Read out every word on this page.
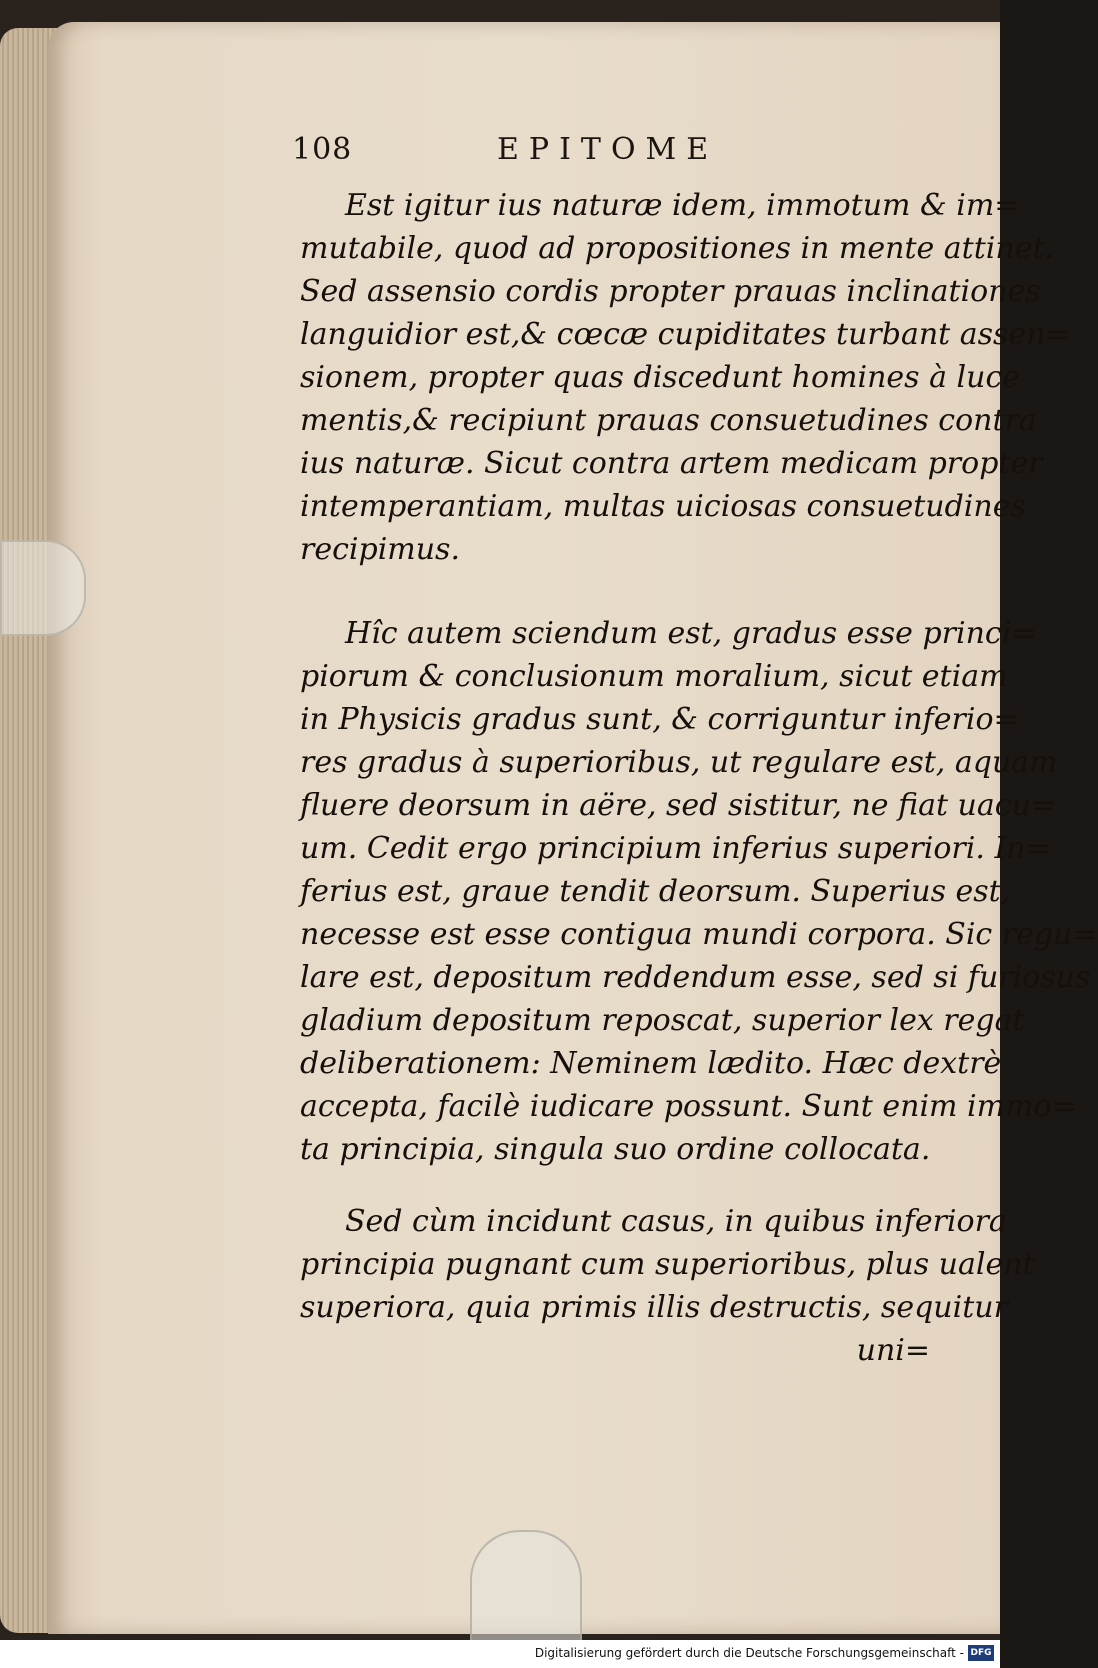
108	EPITOME
Est igitur ius naturæ idem, immotum & im=
mutabile, quod ad propositiones in mente attinet.
Sed assensio cordis propter prauas inclinationes
languidior est,& cœcæ cupiditates turbant assen=
sionem, propter quas discedunt homines à luce
mentis,& recipiunt prauas consuetudines contra
ius naturæ. Sicut contra artem medicam propter
intemperantiam, multas uiciosas consuetudines
recipimus.
Hîc autem sciendum est, gradus esse princi=
piorum & conclusionum moralium, sicut etiam
in Physicis gradus sunt, & corriguntur inferio=
res gradus à superioribus, ut regulare est, aquam
fluere deorsum in aëre, sed sistitur, ne fiat uacu=
um. Cedit ergo principium inferius superiori. In=
ferius est, graue tendit deorsum. Superius est,
necesse est esse contigua mundi corpora. Sic regu=
lare est, depositum reddendum esse, sed si furiosus
gladium depositum reposcat, superior lex regat
deliberationem: Neminem lædito. Hæc dextrè
accepta, facilè iudicare possunt. Sunt enim immo=
ta principia, singula suo ordine collocata.
Sed cùm incidunt casus, in quibus inferiora
principia pugnant cum superioribus, plus ualent
superiora, quia primis illis destructis, sequitur
uni=
Digitalisierung gefördert durch die Deutsche Forschungsgemeinschaft - DFG
